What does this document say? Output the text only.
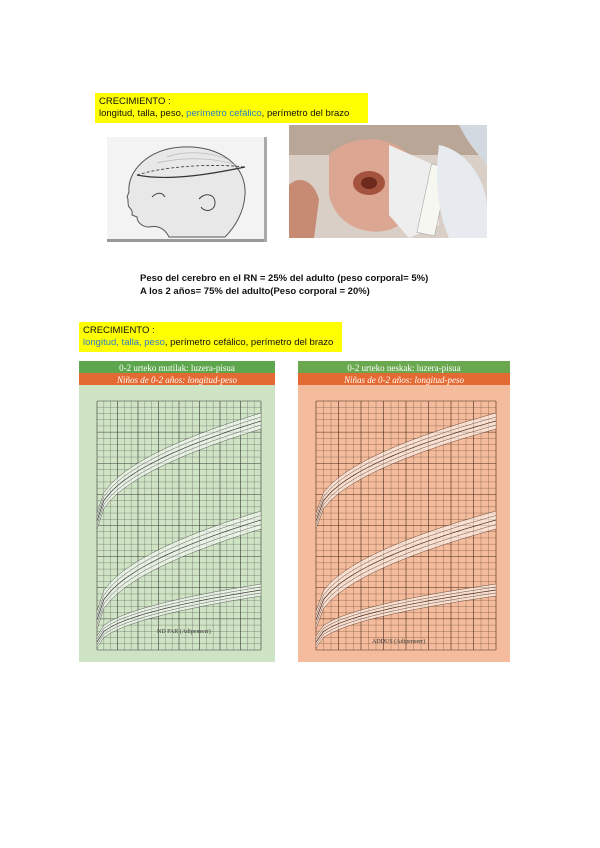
CRECIMIENTO :
longitud, talla, peso, perímetro cefálico, perímetro del brazo
Peso del cerebro en el RN = 25% del adulto (peso corporal= 5%)
A los 2 años= 75% del adulto(Peso corporal = 20%)
CRECIMIENTO :
longitud, talla, peso, perímetro cefálico, perímetro del brazo
0-2 urteko mutilak: luzera-pisua
Niños de 0-2 años: longitud-peso
ND PAR (Adipeneerr)
0-2 urteko neskak: luzera-pisua
Niñas de 0-2 años: longitud-peso
ADDUS (Adipeneerr)
